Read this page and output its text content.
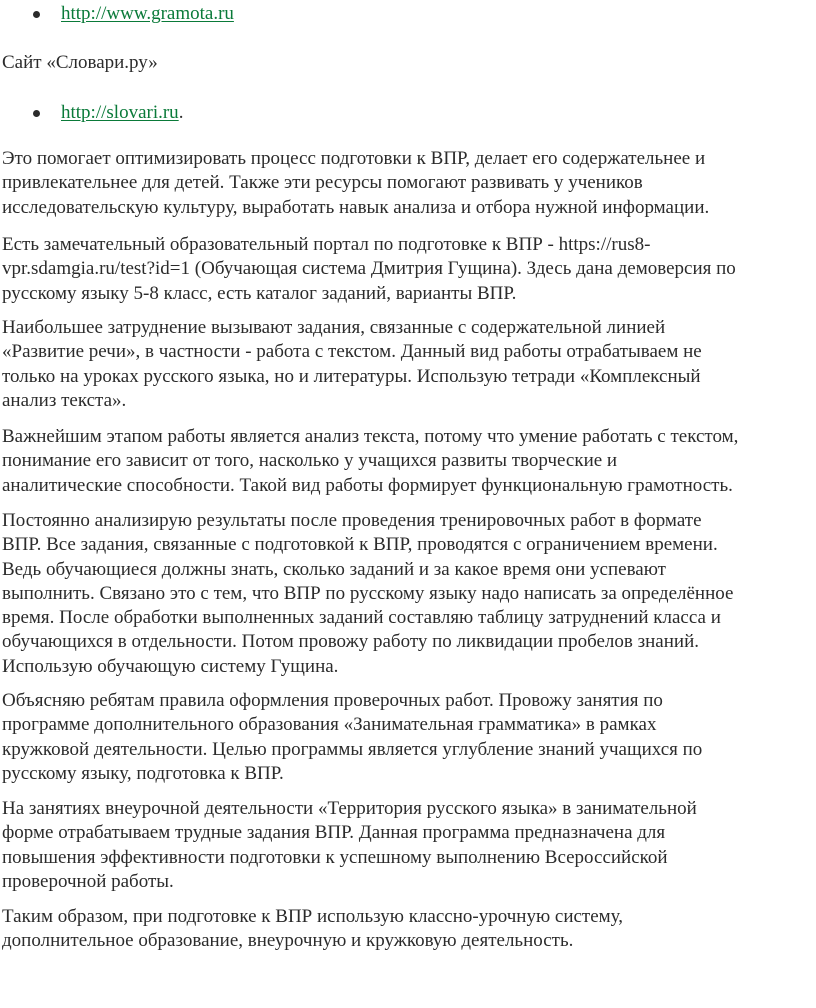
http://www.gramota.ru
Сайт «Словари.ру»
http://slovari.ru .
Это помогает оптимизировать процесс подготовки к ВПР, делает его содержательнее и
привлекательнее для детей. Также эти ресурсы помогают развивать у учеников
исследовательскую культуру, выработать навык анализа и отбора нужной информации.
Есть замечательный образовательный портал по подготовке к ВПР - https://rus8-
vpr.sdamgia.ru/test?id=1 (Обучающая система Дмитрия Гущина). Здесь дана демоверсия по
русскому языку 5-8 класс, есть каталог заданий, варианты ВПР.
Наибольшее затруднение вызывают задания, связанные с содержательной линией
«Развитие речи», в частности - работа с текстом. Данный вид работы отрабатываем не
только на уроках русского языка, но и литературы. Использую тетради «Комплексный
анализ текста».
Важнейшим этапом работы является анализ текста, потому что умение работать с текстом,
понимание его зависит от того, насколько у учащихся развиты творческие и
аналитические способности. Такой вид работы формирует функциональную грамотность.
Постоянно анализирую результаты после проведения тренировочных работ в формате
ВПР. Все задания, связанные с подготовкой к ВПР, проводятся с ограничением времени.
Ведь обучающиеся должны знать, сколько заданий и за какое время они успевают
выполнить. Связано это с тем, что ВПР по русскому языку надо написать за определённое
время. После обработки выполненных заданий составляю таблицу затруднений класса и
обучающихся в отдельности. Потом провожу работу по ликвидации пробелов знаний.
Использую обучающую систему Гущина.
Объясняю ребятам правила оформления проверочных работ. Провожу занятия по
программе дополнительного образования «Занимательная грамматика» в рамках
кружковой деятельности. Целью программы является углубление знаний учащихся по
русскому языку, подготовка к ВПР.
На занятиях внеурочной деятельности «Территория русского языка» в занимательной
форме отрабатываем трудные задания ВПР. Данная программа предназначена для
повышения эффективности подготовки к успешному выполнению Всероссийской
проверочной работы.
Таким образом, при подготовке к ВПР использую классно-урочную систему,
дополнительное образование, внеурочную и кружковую деятельность.
